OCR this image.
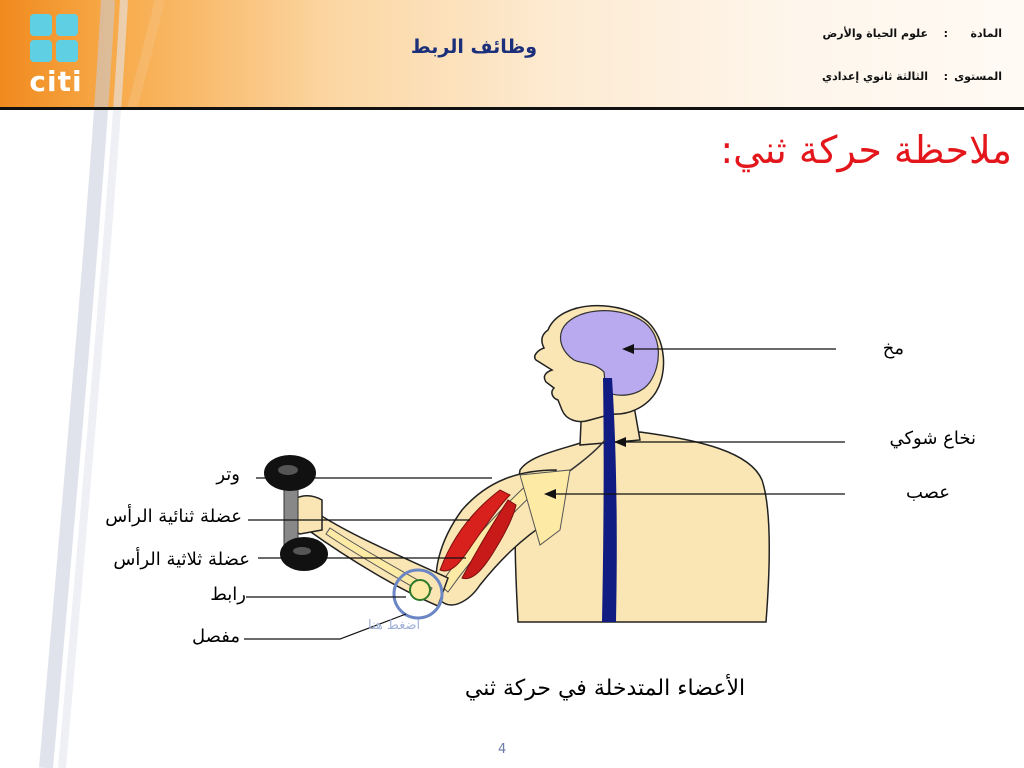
citi
وظائف الربط
المادة
:
علوم الحياة والأرض
المستوى
:
الثالثة ثانوي إعدادي
ملاحظة حركة ثني:
مخ
نخاع شوكي
عصب
وتر
عضلة ثنائية الرأس
عضلة ثلاثية الرأس
رابط
مفصل
اضغط هنا
الأعضاء المتدخلة في حركة ثني
4
